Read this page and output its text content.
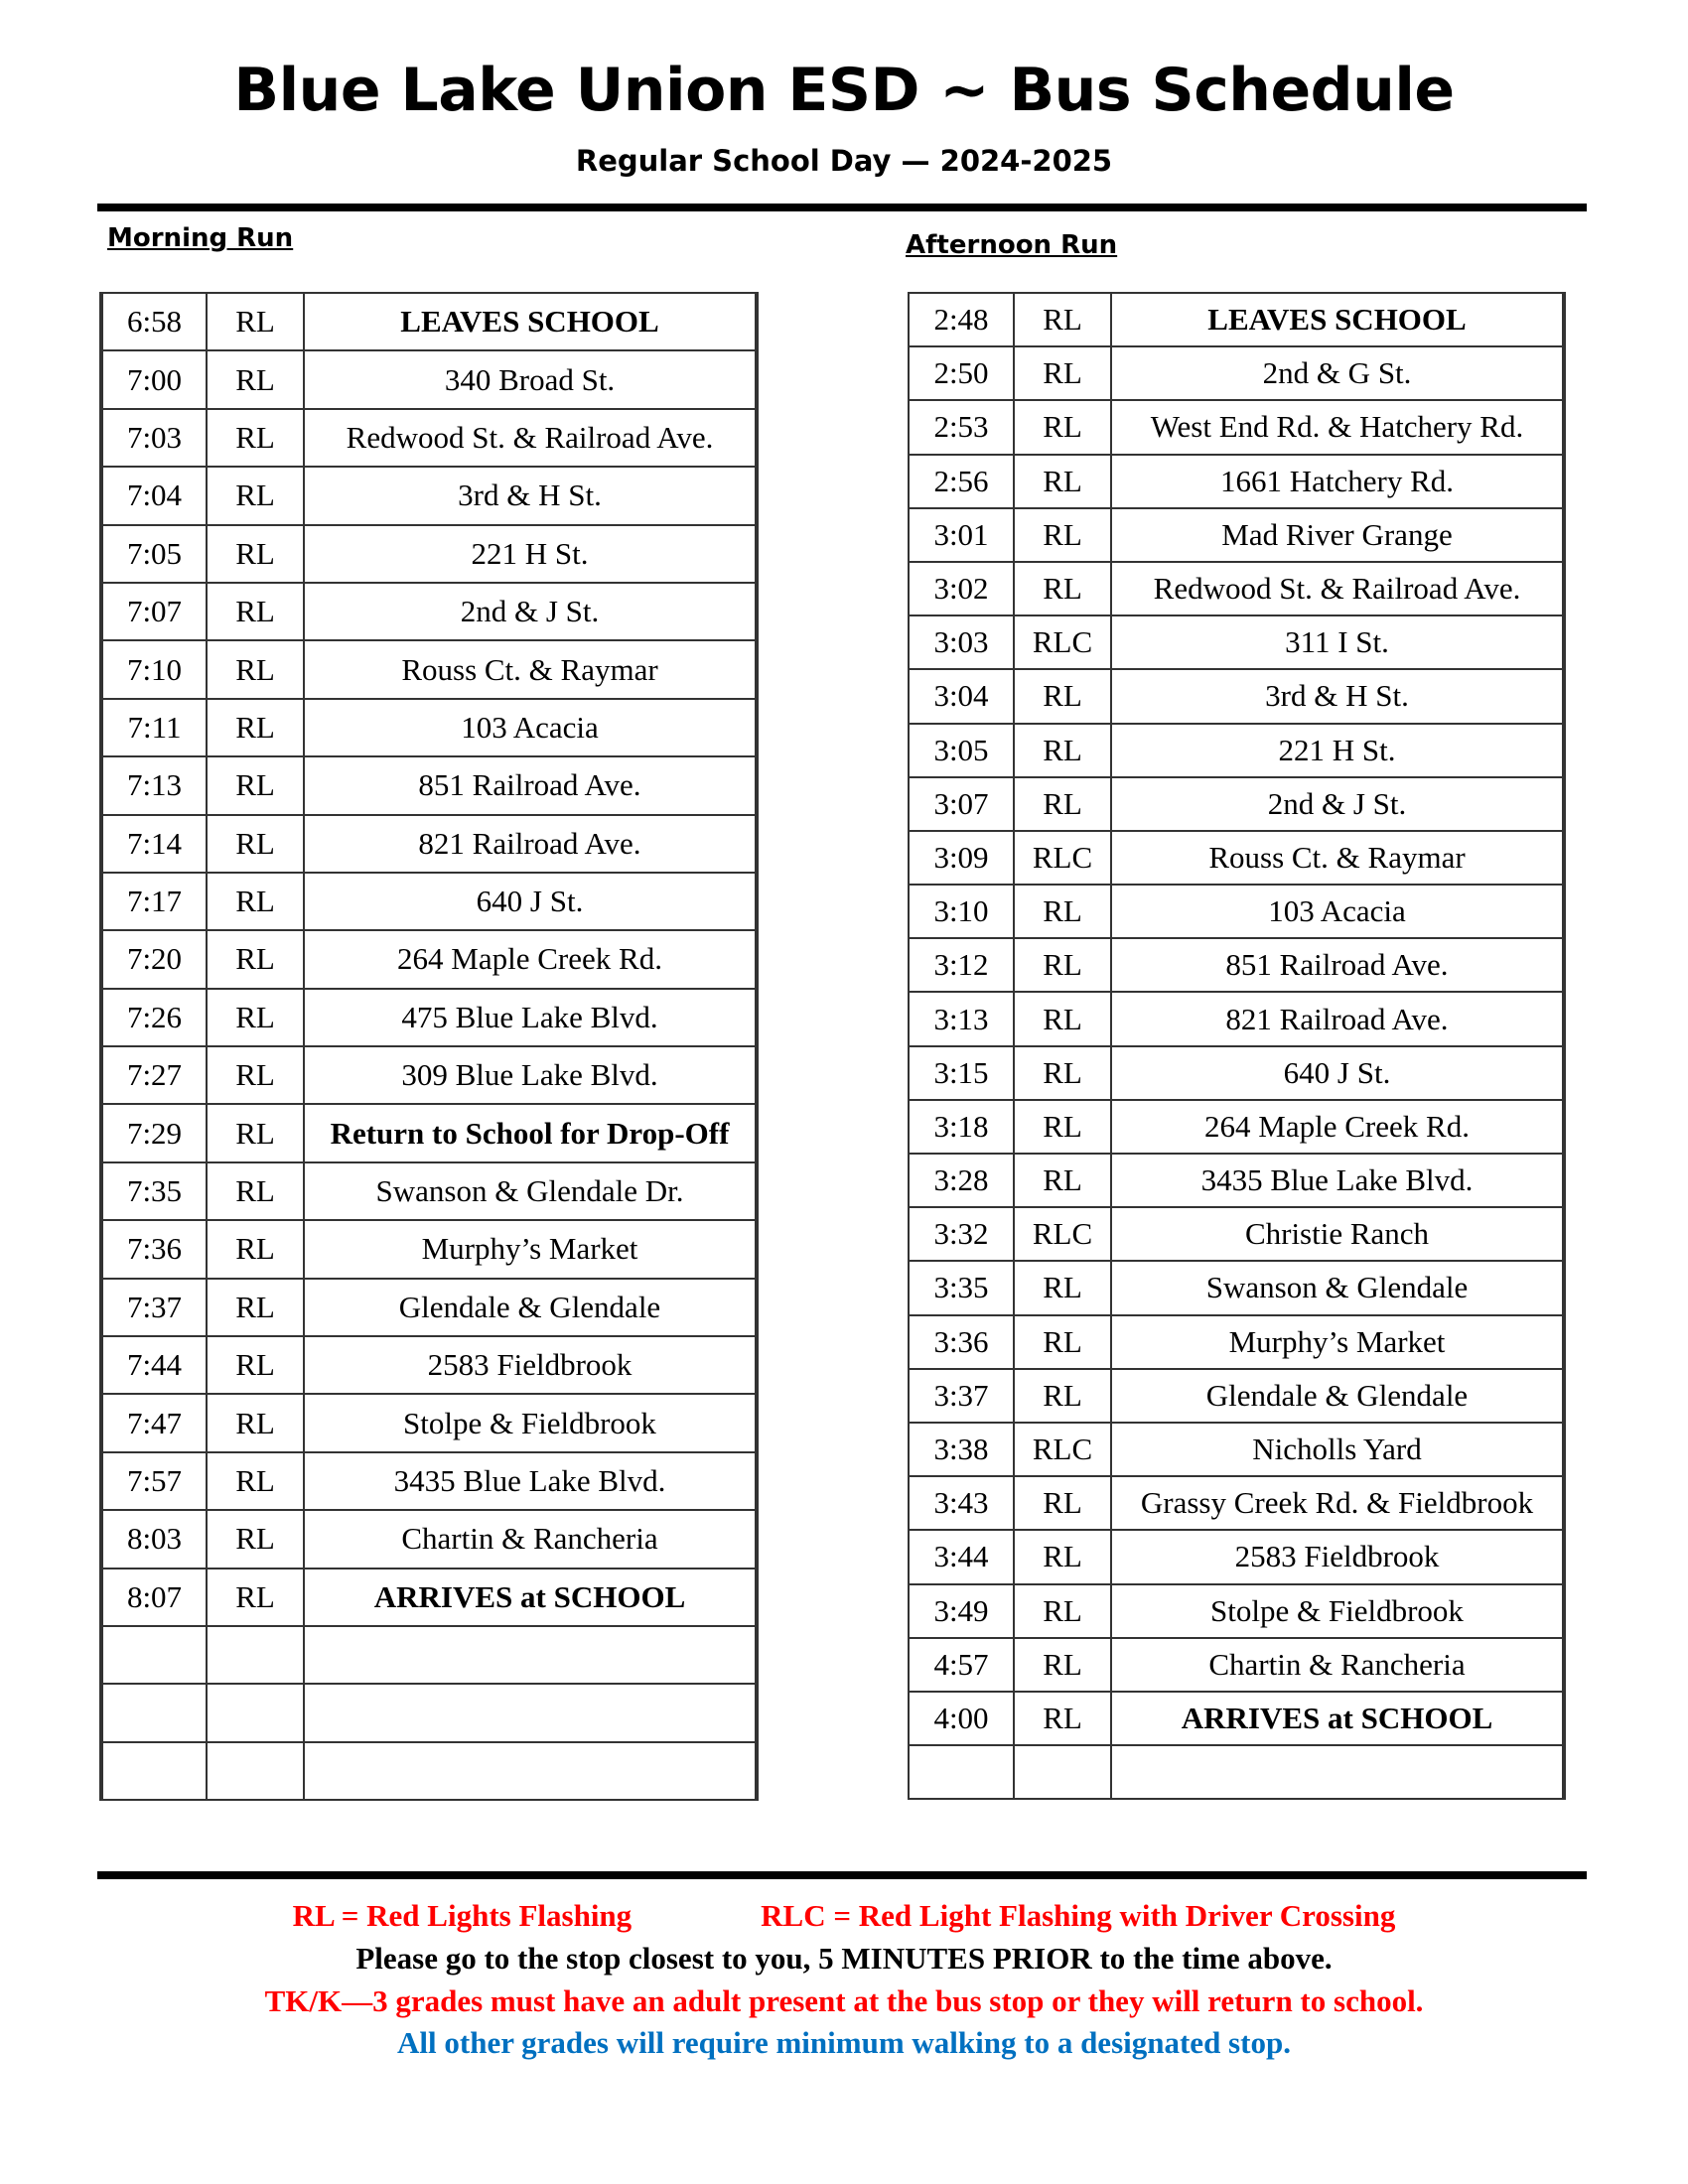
Blue Lake Union ESD ~ Bus Schedule
Regular School Day — 2024-2025
Morning Run	Afternoon Run
6:58	RL	LEAVES SCHOOL
7:00	RL	340 Broad St.
7:03	RL	Redwood St. & Railroad Ave.
7:04	RL	3rd & H St.
7:05	RL	221 H St.
7:07	RL	2nd & J St.
7:10	RL	Rouss Ct. & Raymar
7:11	RL	103 Acacia
7:13	RL	851 Railroad Ave.
7:14	RL	821 Railroad Ave.
7:17	RL	640 J St.
7:20	RL	264 Maple Creek Rd.
7:26	RL	475 Blue Lake Blvd.
7:27	RL	309 Blue Lake Blvd.
7:29	RL	Return to School for Drop-Off
7:35	RL	Swanson & Glendale Dr.
7:36	RL	Murphy’s Market
7:37	RL	Glendale & Glendale
7:44	RL	2583 Fieldbrook
7:47	RL	Stolpe & Fieldbrook
7:57	RL	3435 Blue Lake Blvd.
8:03	RL	Chartin & Rancheria
8:07	RL	ARRIVES at SCHOOL

2:48	RL	LEAVES SCHOOL
2:50	RL	2nd & G St.
2:53	RL	West End Rd. & Hatchery Rd.
2:56	RL	1661 Hatchery Rd.
3:01	RL	Mad River Grange
3:02	RL	Redwood St. & Railroad Ave.
3:03	RLC	311 I St.
3:04	RL	3rd & H St.
3:05	RL	221 H St.
3:07	RL	2nd & J St.
3:09	RLC	Rouss Ct. & Raymar
3:10	RL	103 Acacia
3:12	RL	851 Railroad Ave.
3:13	RL	821 Railroad Ave.
3:15	RL	640 J St.
3:18	RL	264 Maple Creek Rd.
3:28	RL	3435 Blue Lake Blvd.
3:32	RLC	Christie Ranch
3:35	RL	Swanson & Glendale
3:36	RL	Murphy’s Market
3:37	RL	Glendale & Glendale
3:38	RLC	Nicholls Yard
3:43	RL	Grassy Creek Rd. & Fieldbrook
3:44	RL	2583 Fieldbrook
3:49	RL	Stolpe & Fieldbrook
4:57	RL	Chartin & Rancheria
4:00	RL	ARRIVES at SCHOOL

RL = Red Lights Flashing	RLC = Red Light Flashing with Driver Crossing
Please go to the stop closest to you, 5 MINUTES PRIOR to the time above.
TK/K—3 grades must have an adult present at the bus stop or they will return to school.
All other grades will require minimum walking to a designated stop.
